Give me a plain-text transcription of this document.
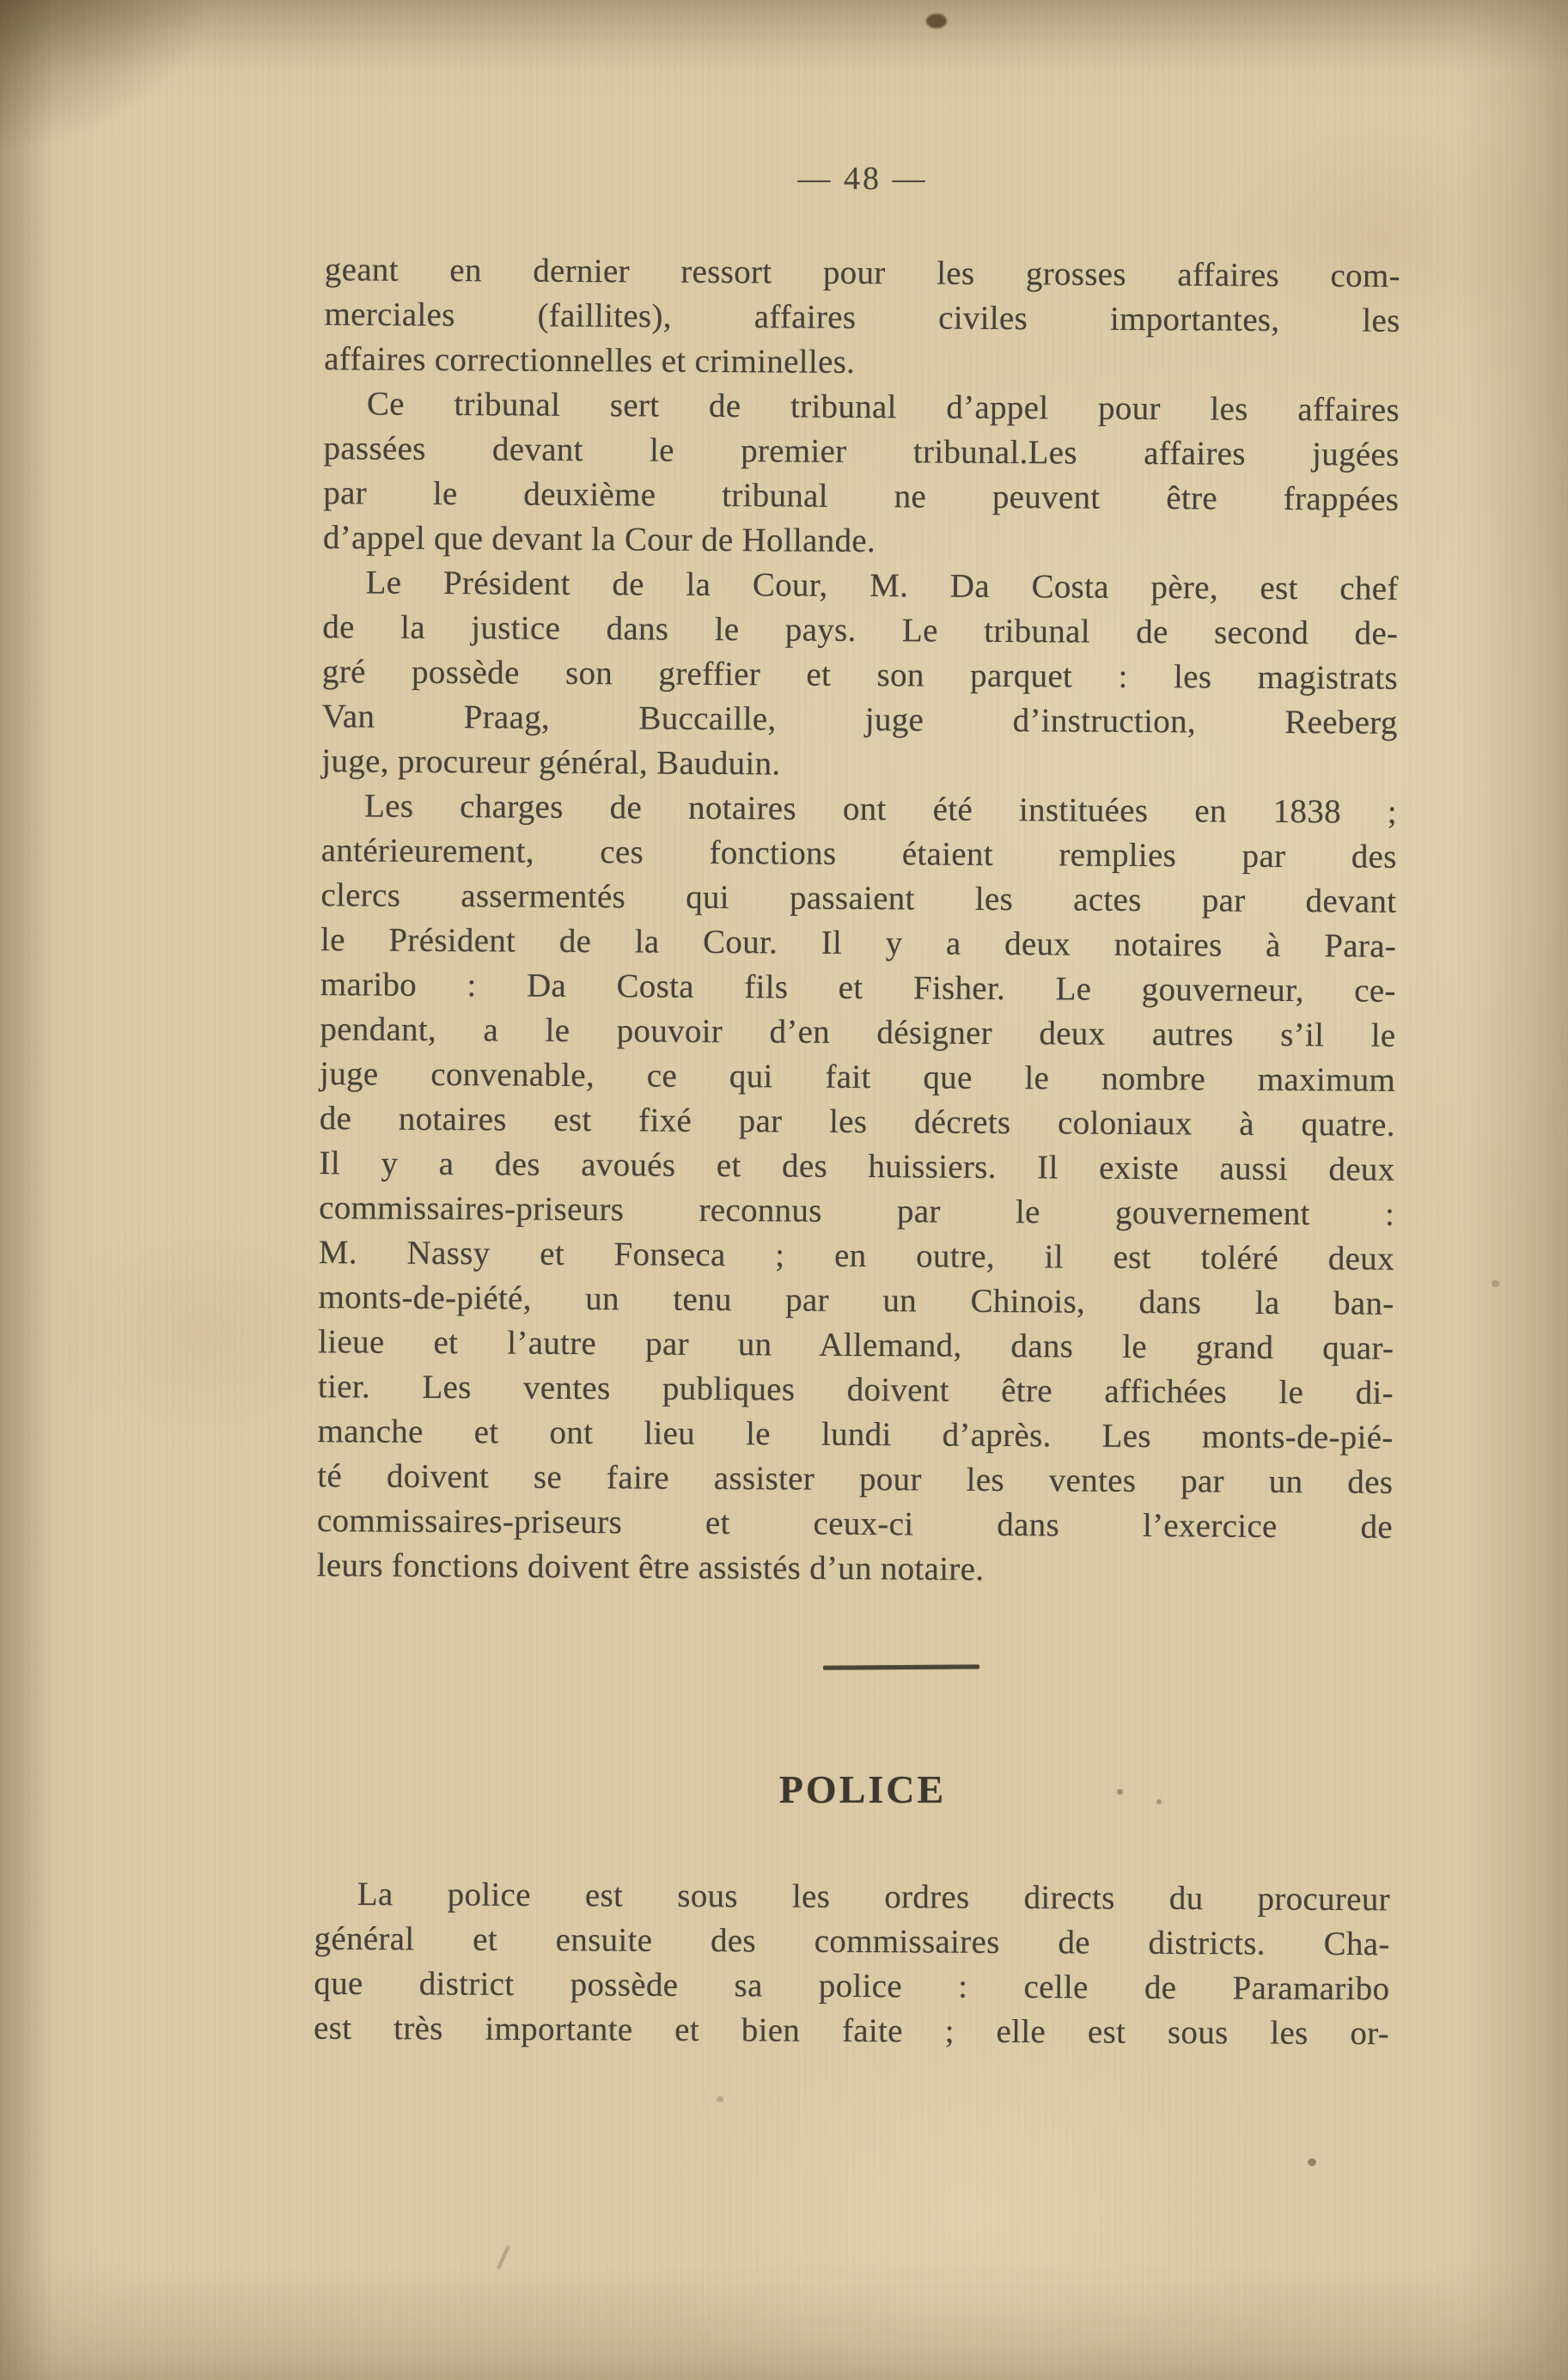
— 48 —
geant en dernier ressort pour les grosses affaires com-
merciales (faillites), affaires civiles importantes, les
affaires correctionnelles et criminelles.
Ce tribunal sert de tribunal d’appel pour les affaires
passées devant le premier tribunal.Les affaires jugées
par le deuxième tribunal ne peuvent être frappées
d’appel que devant la Cour de Hollande.
Le Président de la Cour, M. Da Costa père, est chef
de la justice dans le pays. Le tribunal de second de-
gré possède son greffier et son parquet : les magistrats
Van Praag, Buccaille, juge d’instruction, Reeberg
juge, procureur général, Bauduin.
Les charges de notaires ont été instituées en 1838 ;
antérieurement, ces fonctions étaient remplies par des
clercs assermentés qui passaient les actes par devant
le Président de la Cour. Il y a deux notaires à Para-
maribo : Da Costa fils et Fisher. Le gouverneur, ce-
pendant, a le pouvoir d’en désigner deux autres s’il le
juge convenable, ce qui fait que le nombre maximum
de notaires est fixé par les décrets coloniaux à quatre.
Il y a des avoués et des huissiers. Il existe aussi deux
commissaires-priseurs reconnus par le gouvernement :
M. Nassy et Fonseca ; en outre, il est toléré deux
monts-de-piété, un tenu par un Chinois, dans la ban-
lieue et l’autre par un Allemand, dans le grand quar-
tier. Les ventes publiques doivent être affichées le di-
manche et ont lieu le lundi d’après. Les monts-de-pié-
té doivent se faire assister pour les ventes par un des
commissaires-priseurs et ceux-ci dans l’exercice de
leurs fonctions doivent être assistés d’un notaire.
POLICE
La police est sous les ordres directs du procureur
général et ensuite des commissaires de districts. Cha-
que district possède sa police : celle de Paramaribo
est très importante et bien faite ; elle est sous les or-
